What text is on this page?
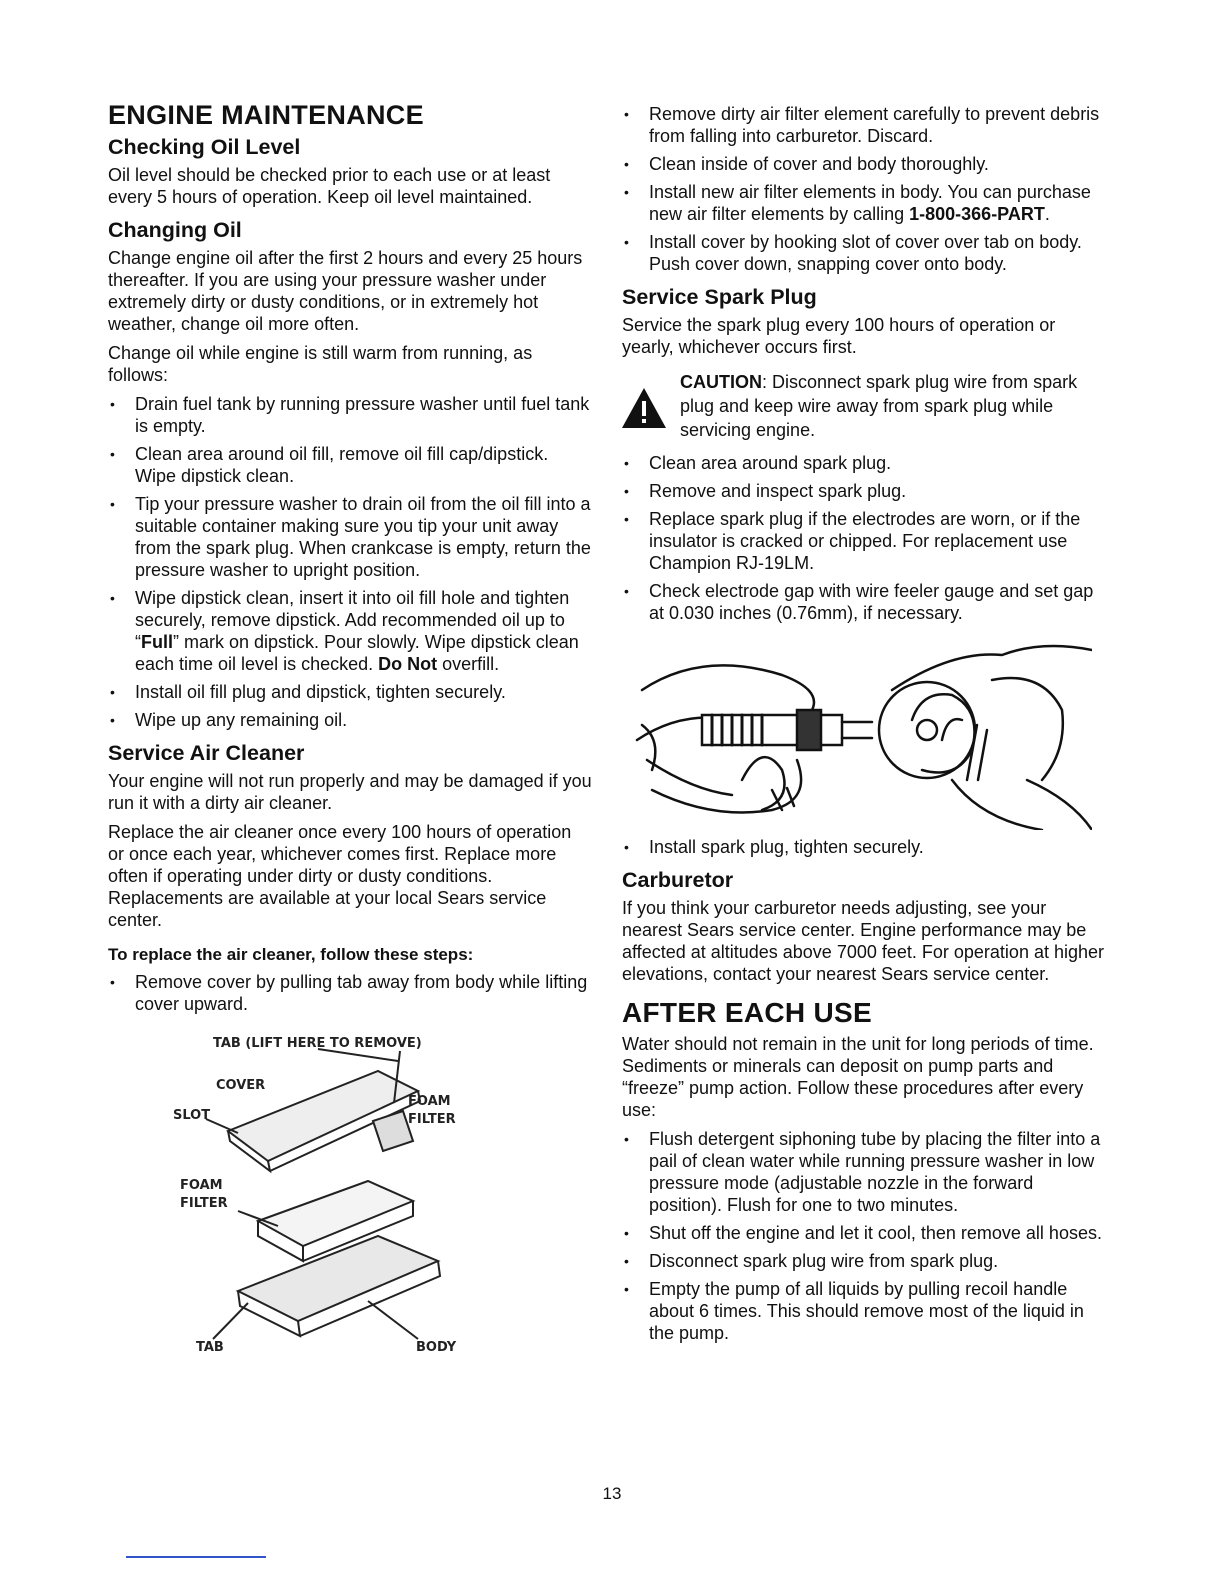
ENGINE MAINTENANCE
Checking Oil Level

Oil level should be checked prior to each use or at least every 5 hours of operation. Keep oil level maintained.

Changing Oil

Change engine oil after the first 2 hours and every 25 hours thereafter. If you are using your pressure washer under extremely dirty or dusty conditions, or in extremely hot weather, change oil more often.

Change oil while engine is still warm from running, as follows:

• Drain fuel tank by running pressure washer until fuel tank is empty.
• Clean area around oil fill, remove oil fill cap/dipstick. Wipe dipstick clean.
• Tip your pressure washer to drain oil from the oil fill into a suitable container making sure you tip your unit away from the spark plug. When crankcase is empty, return the pressure washer to upright position.
• Wipe dipstick clean, insert it into oil fill hole and tighten securely, remove dipstick. Add recommended oil up to “Full” mark on dipstick. Pour slowly. Wipe dipstick clean each time oil level is checked. Do Not overfill.
• Install oil fill plug and dipstick, tighten securely.
• Wipe up any remaining oil.
Service Air Cleaner

Your engine will not run properly and may be damaged if you run it with a dirty air cleaner.

Replace the air cleaner once every 100 hours of operation or once each year, whichever comes first. Replace more often if operating under dirty or dusty conditions. Replacements are available at your local Sears service center.

To replace the air cleaner, follow these steps:
• Remove cover by pulling tab away from body while lifting cover upward.
TAB (LIFT HERE TO REMOVE)
COVER
SLOT
FOAM
FILTER
FOAM
FILTER
TAB	BODY
• Remove dirty air filter element carefully to prevent debris from falling into carburetor. Discard.
• Clean inside of cover and body thoroughly.
• Install new air filter elements in body. You can purchase new air filter elements by calling 1-800-366-PART.
• Install cover by hooking slot of cover over tab on body. Push cover down, snapping cover onto body.
Service Spark Plug

Service the spark plug every 100 hours of operation or yearly, whichever occurs first.

CAUTION: Disconnect spark plug wire from spark plug and keep wire away from spark plug while servicing engine.
• Clean area around spark plug.
• Remove and inspect spark plug.
• Replace spark plug if the electrodes are worn, or if the insulator is cracked or chipped. For replacement use Champion RJ-19LM.
• Check electrode gap with wire feeler gauge and set gap at 0.030 inches (0.76mm), if necessary.
• Install spark plug, tighten securely.
Carburetor

If you think your carburetor needs adjusting, see your nearest Sears service center. Engine performance may be affected at altitudes above 7000 feet. For operation at higher elevations, contact your nearest Sears service center.

AFTER EACH USE

Water should not remain in the unit for long periods of time. Sediments or minerals can deposit on pump parts and “freeze” pump action. Follow these procedures after every use:

• Flush detergent siphoning tube by placing the filter into a pail of clean water while running pressure washer in low pressure mode (adjustable nozzle in the forward position). Flush for one to two minutes.
• Shut off the engine and let it cool, then remove all hoses.
• Disconnect spark plug wire from spark plug.
• Empty the pump of all liquids by pulling recoil handle about 6 times. This should remove most of the liquid in the pump.
13
